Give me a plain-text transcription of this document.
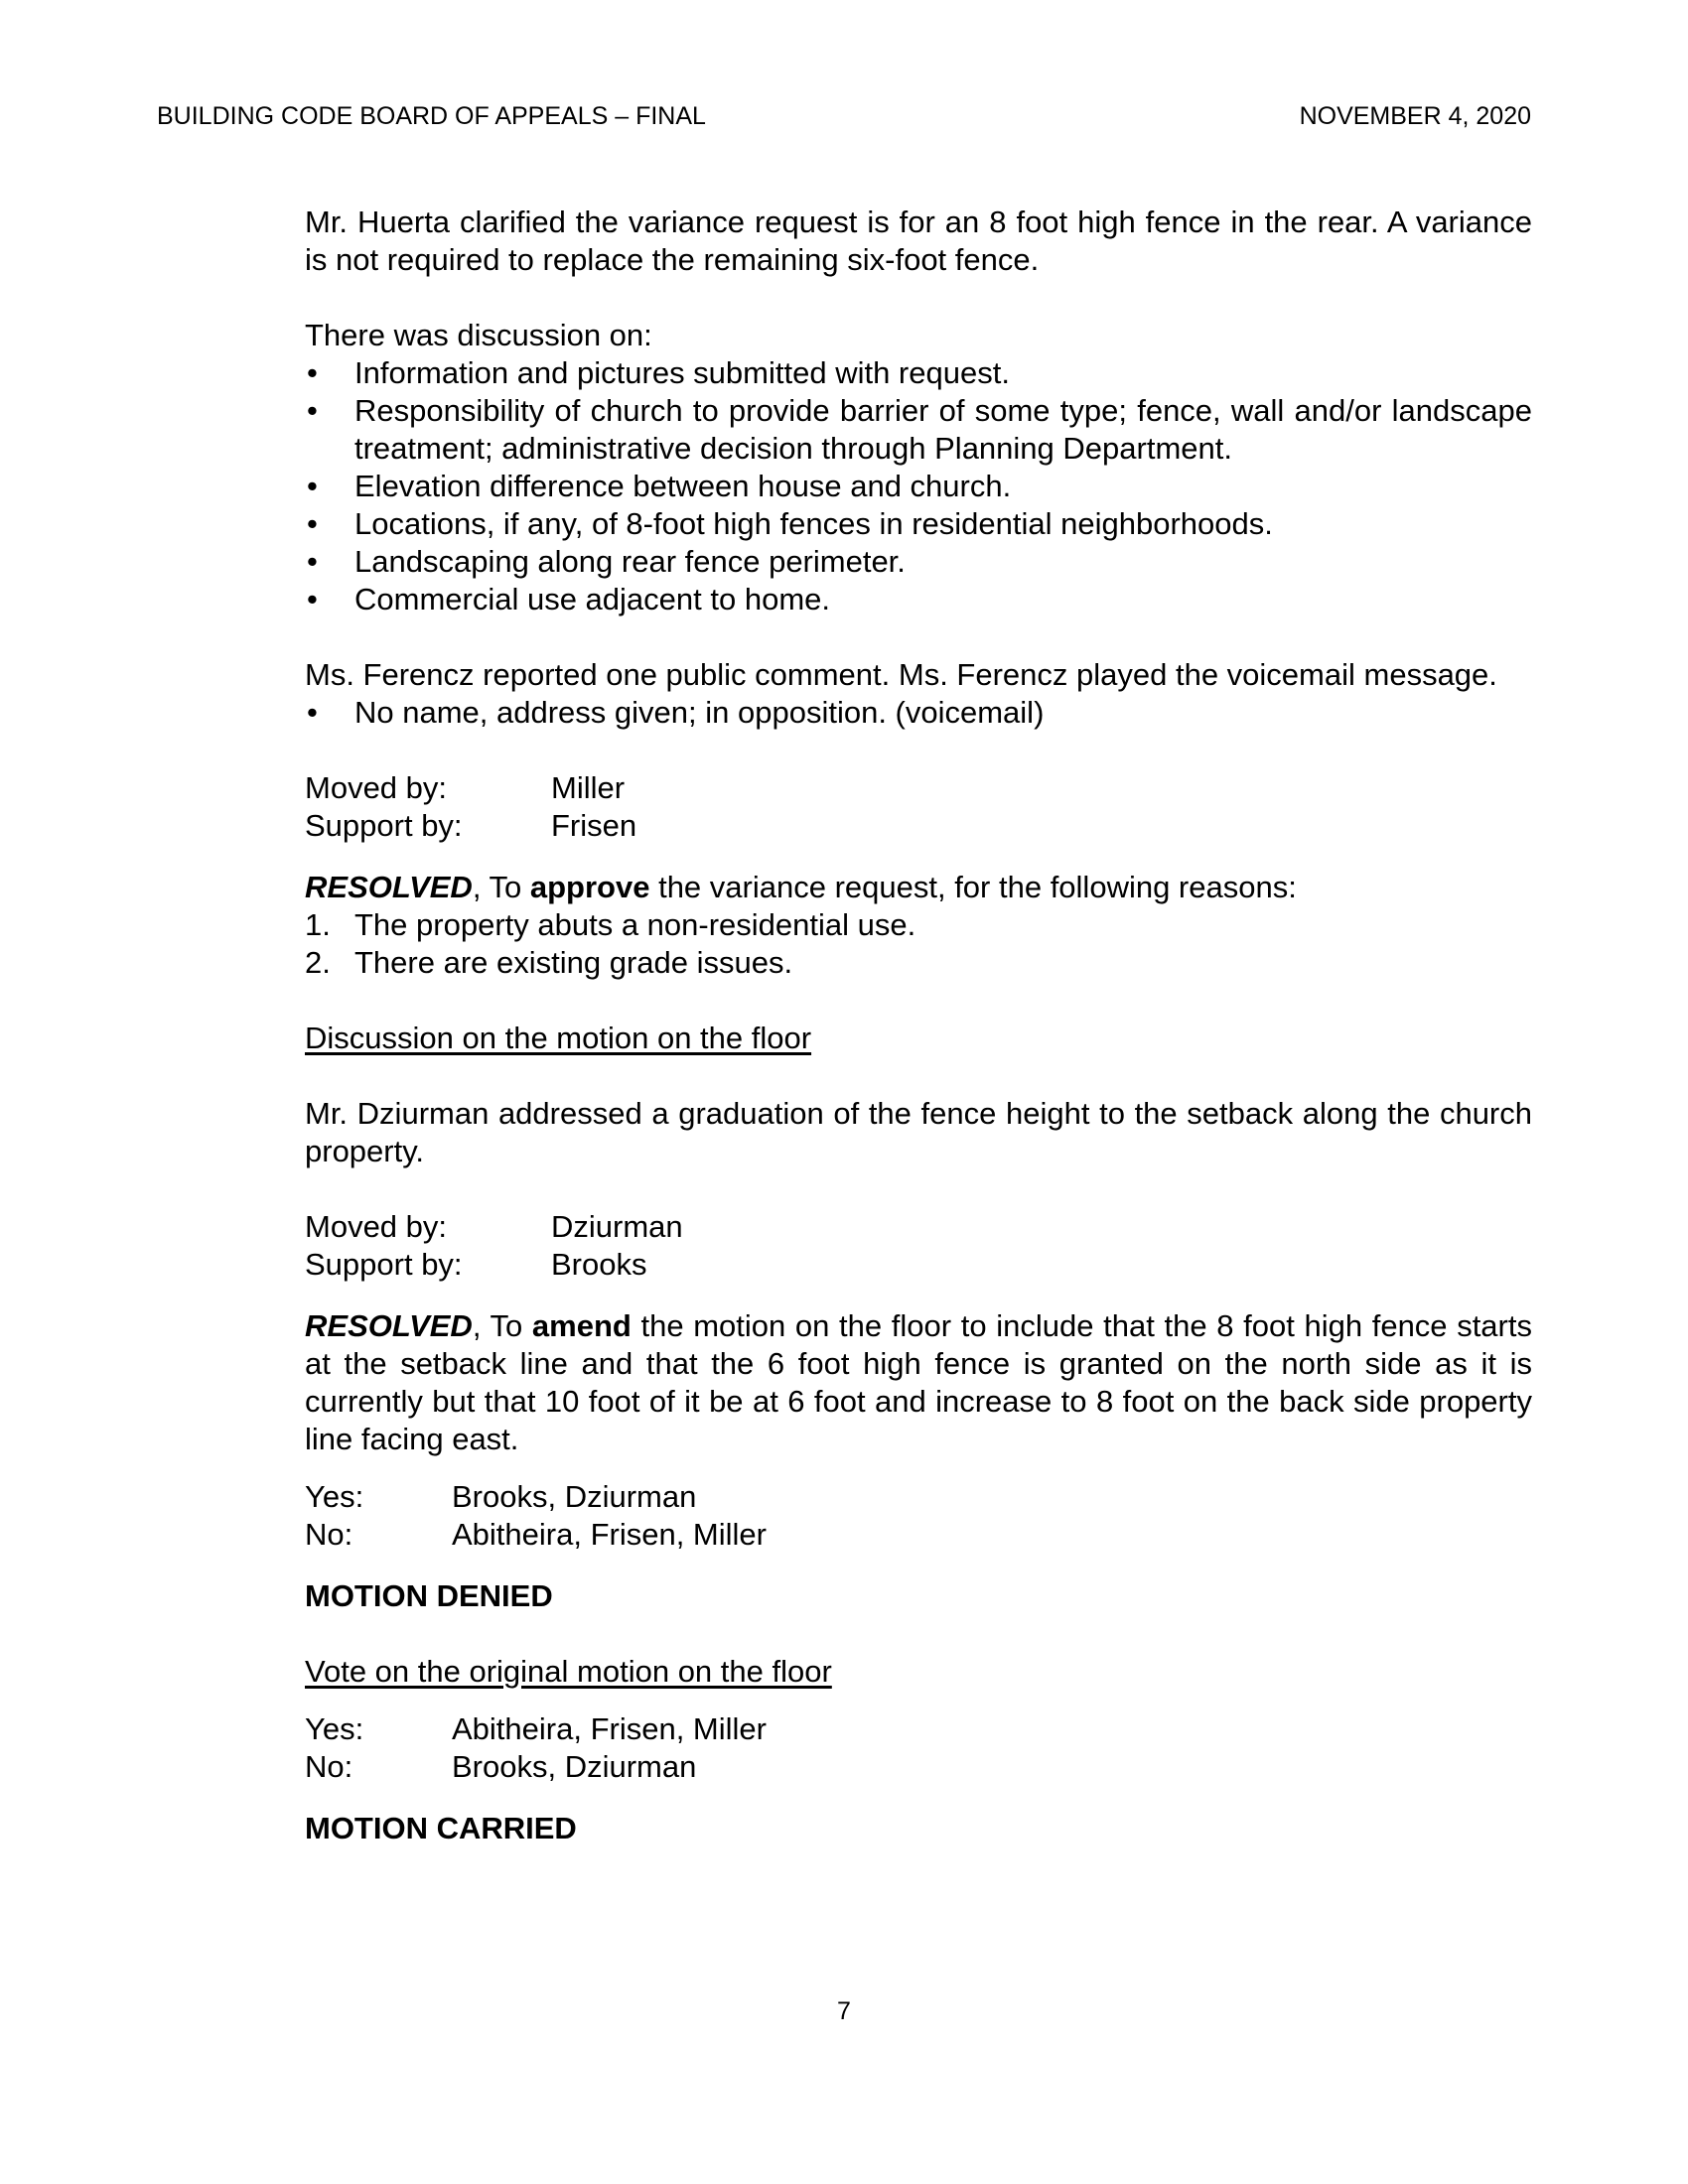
BUILDING CODE BOARD OF APPEALS – FINAL	NOVEMBER 4, 2020

Mr. Huerta clarified the variance request is for an 8 foot high fence in the rear. A variance is not required to replace the remaining six-foot fence.

There was discussion on:

•	Information and pictures submitted with request.
•	Responsibility of church to provide barrier of some type; fence, wall and/or landscape treatment; administrative decision through Planning Department.
•	Elevation difference between house and church.
•	Locations, if any, of 8-foot high fences in residential neighborhoods.
•	Landscaping along rear fence perimeter.
•	Commercial use adjacent to home.

Ms. Ferencz reported one public comment. Ms. Ferencz played the voicemail message.

•	No name, address given; in opposition. (voicemail)
Moved by:	Miller
Support by:	Frisen

RESOLVED, To approve the variance request, for the following reasons:

1. The property abuts a non-residential use.
2. There are existing grade issues.

Discussion on the motion on the floor

Mr. Dziurman addressed a graduation of the fence height to the setback along the church property.

Moved by:	Dziurman
Support by:	Brooks

RESOLVED, To amend the motion on the floor to include that the 8 foot high fence starts at the setback line and that the 6 foot high fence is granted on the north side as it is currently but that 10 foot of it be at 6 foot and increase to 8 foot on the back side property line facing east.

Yes:	Brooks, Dziurman
No:	Abitheira, Frisen, Miller

MOTION DENIED

Vote on the original motion on the floor

Yes:	Abitheira, Frisen, Miller
No:	Brooks, Dziurman

MOTION CARRIED

7
